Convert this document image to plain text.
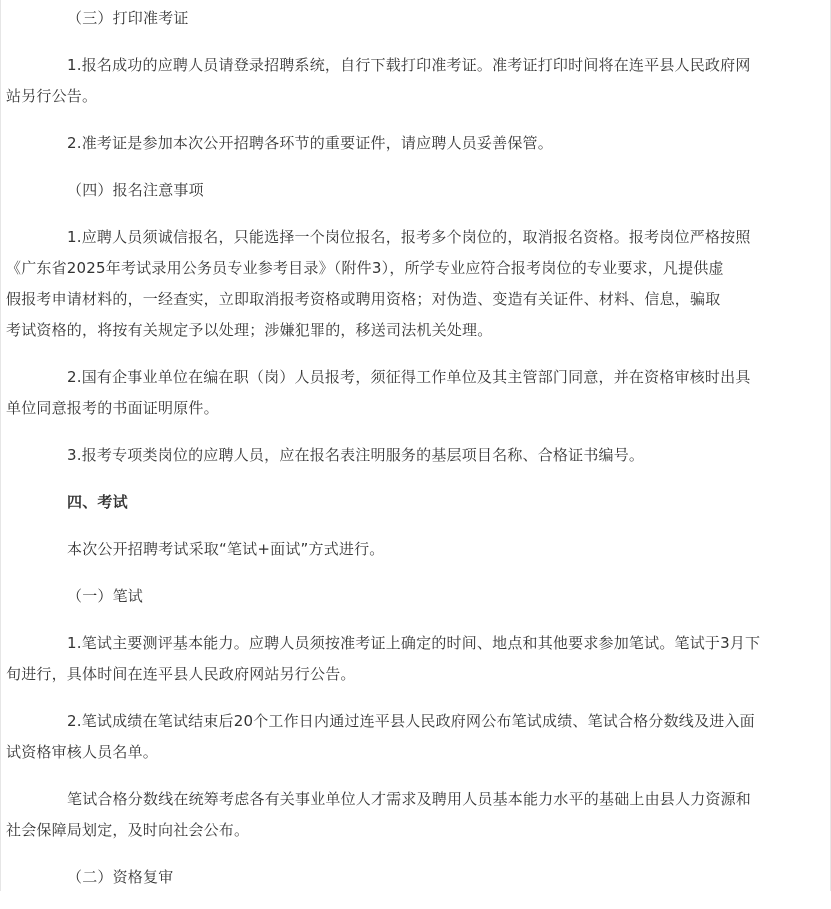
（三）打印准考证

1.报名成功的应聘人员请登录招聘系统，自行下载打印准考证。准考证打印时间将在连平县人民政府网
站另行公告。

2.准考证是参加本次公开招聘各环节的重要证件，请应聘人员妥善保管。

（四）报名注意事项

1.应聘人员须诚信报名，只能选择一个岗位报名，报考多个岗位的，取消报名资格。报考岗位严格按照
《广东省2025年考试录用公务员专业参考目录》（附件3），所学专业应符合报考岗位的专业要求，凡提供虚
假报考申请材料的，一经查实，立即取消报考资格或聘用资格；对伪造、变造有关证件、材料、信息，骗取
考试资格的，将按有关规定予以处理；涉嫌犯罪的，移送司法机关处理。

2.国有企事业单位在编在职（岗）人员报考，须征得工作单位及其主管部门同意，并在资格审核时出具
单位同意报考的书面证明原件。

3.报考专项类岗位的应聘人员，应在报名表注明服务的基层项目名称、合格证书编号。

四、考试

本次公开招聘考试采取“笔试+面试”方式进行。

（一）笔试

1.笔试主要测评基本能力。应聘人员须按准考证上确定的时间、地点和其他要求参加笔试。笔试于3月下
旬进行，具体时间在连平县人民政府网站另行公告。

2.笔试成绩在笔试结束后20个工作日内通过连平县人民政府网公布笔试成绩、笔试合格分数线及进入面
试资格审核人员名单。

笔试合格分数线在统筹考虑各有关事业单位人才需求及聘用人员基本能力水平的基础上由县人力资源和
社会保障局划定，及时向社会公布。

（二）资格复审
